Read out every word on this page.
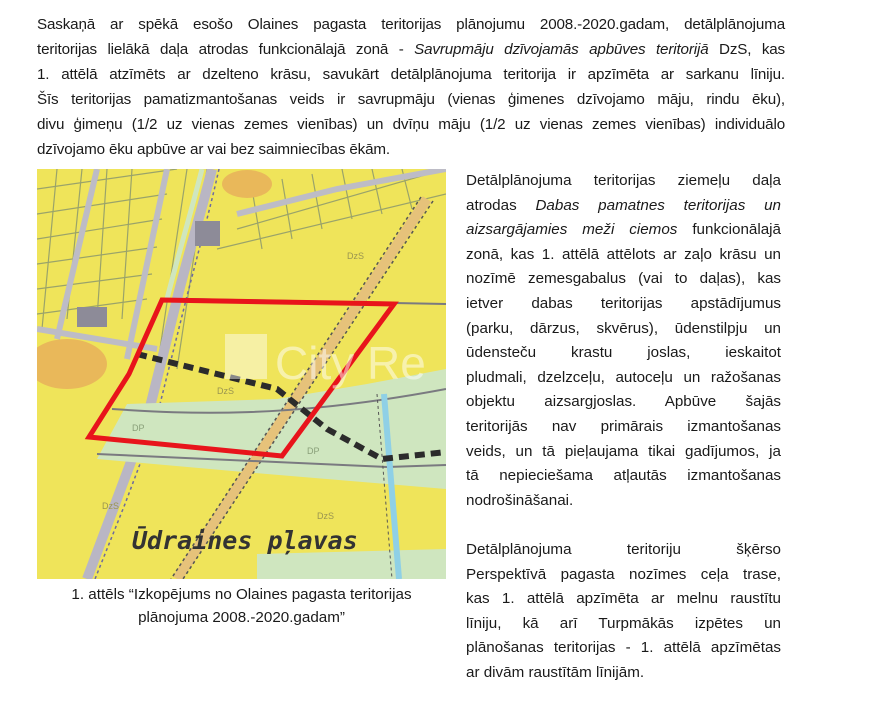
Saskaņā ar spēkā esošo Olaines pagasta teritorijas plānojumu 2008.-2020.gadam, detālplānojuma
teritorijas lielākā daļa atrodas funkcionālajā zonā - Savrupmāju dzīvojamās apbūves teritorijā DzS, kas
1. attēlā atzīmēts ar dzelteno krāsu, savukārt detālplānojuma teritorija ir apzīmēta ar sarkanu līniju.
Šīs teritorijas pamatizmantošanas veids ir savrupmāju (vienas ģimenes dzīvojamo māju, rindu ēku),
divu ģimeņu (1/2 uz vienas zemes vienības) un dvīņu māju (1/2 uz vienas zemes vienības) individuālo
dzīvojamo ēku apbūve ar vai bez saimniecības ēkām.

DzS
DzS
DP
DP
DzS
DzS
Ūdraines pļavas
City Re
1. attēls “Izkopējums no Olaines pagasta teritorijas
plānojuma 2008.-2020.gadam”

Detālplānojuma teritorijas ziemeļu daļa
atrodas Dabas pamatnes teritorijas un
aizsargājamies meži ciemos funkcionālajā
zonā, kas 1. attēlā attēlots ar zaļo krāsu un
nozīmē zemesgabalus (vai to daļas), kas
ietver dabas teritorijas apstādījumus
(parku, dārzus, skvērus), ūdenstilpju un
ūdensteču krastu joslas, ieskaitot
pludmali, dzelzceļu, autoceļu un ražošanas
objektu aizsargjoslas. Apbūve šajās
teritorijās nav primārais izmantošanas
veids, un tā pieļaujama tikai gadījumos, ja
tā nepieciešama atļautās izmantošanas
nodrošināšanai.

Detālplānojuma teritoriju šķērso
Perspektīvā pagasta nozīmes ceļa trase,
kas 1. attēlā apzīmēta ar melnu raustītu
līniju, kā arī Turpmākās izpētes un
plānošanas teritorijas - 1. attēlā apzīmētas
ar divām raustītām līnijām.
